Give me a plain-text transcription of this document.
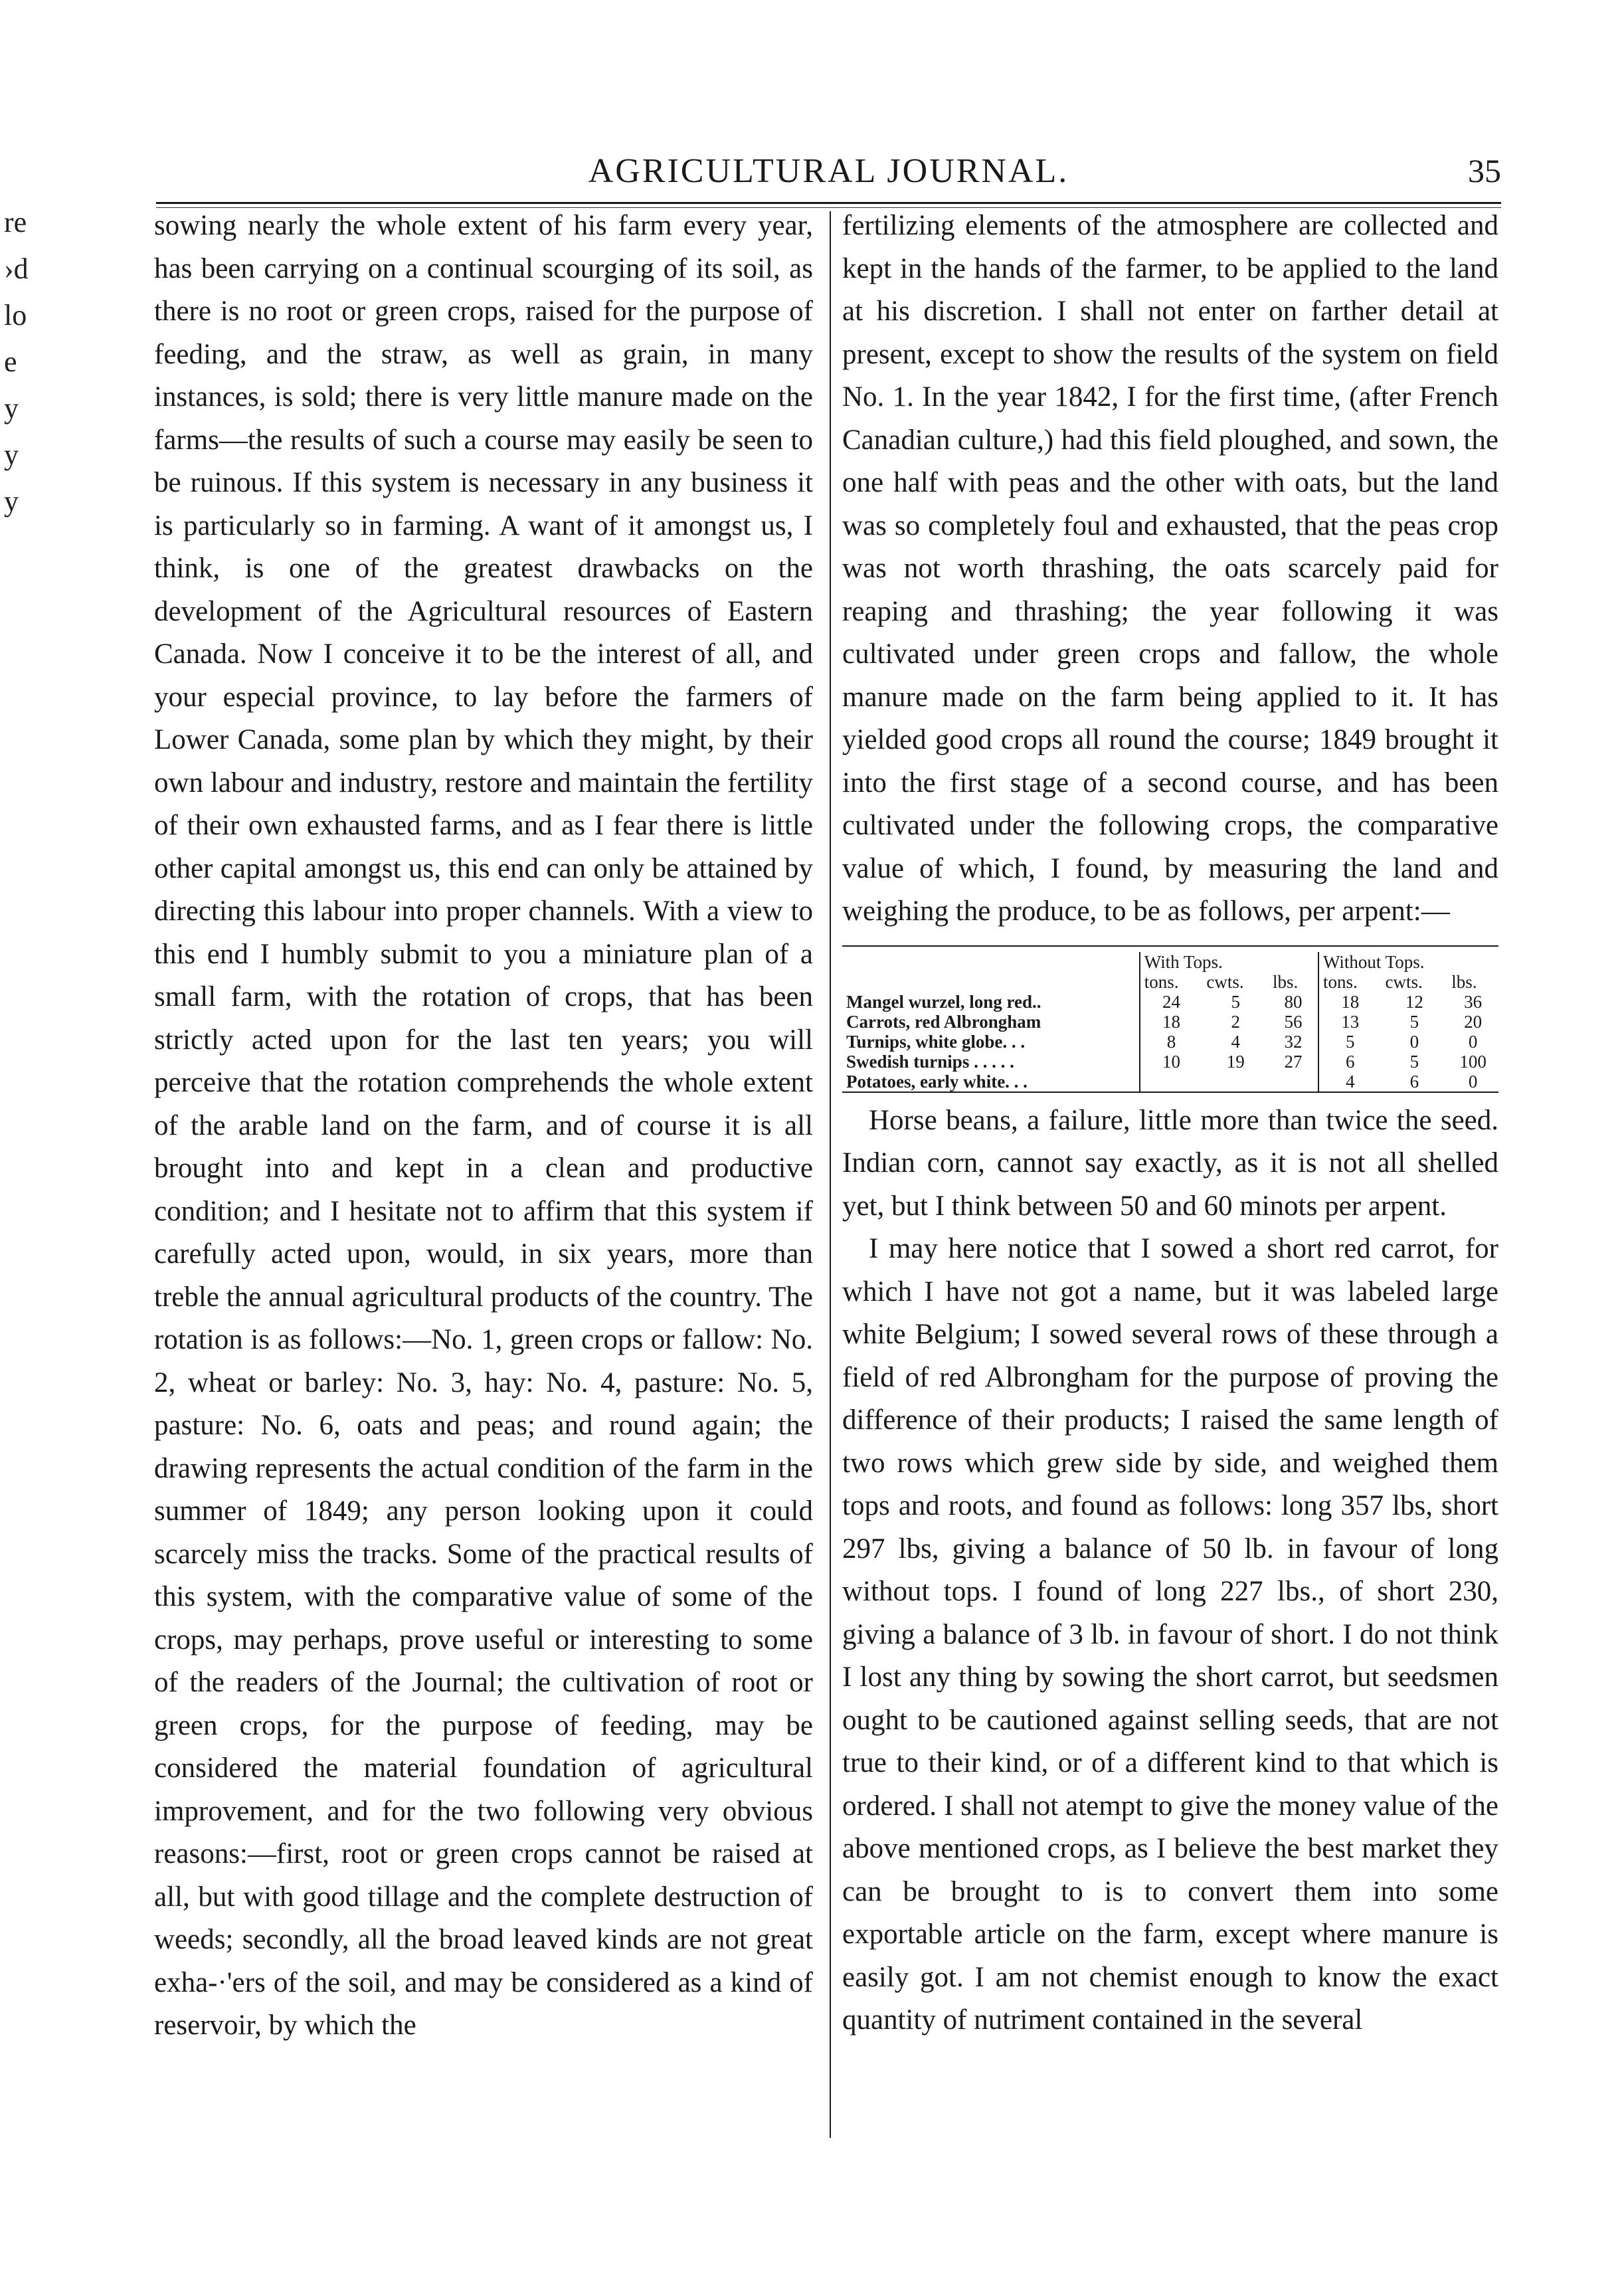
AGRICULTURAL JOURNAL.	35
re
›d
lo
e
y
y
y

sowing nearly the whole extent of his farm every year, has been carrying on a continual scourging of its soil, as there is no root or green crops, raised for the purpose of feeding, and the straw, as well as grain, in many instances, is sold; there is very little manure made on the farms—the results of such a course may easily be seen to be ruinous. If this system is necessary in any business it is particularly so in farming. A want of it amongst us, I think, is one of the greatest drawbacks on the development of the Agricultural resources of Eastern Canada. Now I conceive it to be the interest of all, and your especial province, to lay before the farmers of Lower Canada, some plan by which they might, by their own labour and industry, restore and maintain the fertility of their own exhausted farms, and as I fear there is little other capital amongst us, this end can only be attained by directing this labour into proper channels. With a view to this end I humbly submit to you a miniature plan of a small farm, with the rotation of crops, that has been strictly acted upon for the last ten years; you will perceive that the rotation comprehends the whole extent of the arable land on the farm, and of course it is all brought into and kept in a clean and productive condition; and I hesitate not to affirm that this system if carefully acted upon, would, in six years, more than treble the annual agricultural products of the country. The rotation is as follows:—No. 1, green crops or fallow: No. 2, wheat or barley: No. 3, hay: No. 4, pasture: No. 5, pasture: No. 6, oats and peas; and round again; the drawing represents the actual condition of the farm in the summer of 1849; any person looking upon it could scarcely miss the tracks. Some of the practical results of this system, with the comparative value of some of the crops, may perhaps, prove useful or interesting to some of the readers of the Journal; the cultivation of root or green crops, for the purpose of feeding, may be considered the material foundation of agricultural improvement, and for the two following very obvious reasons:—first, root or green crops cannot be raised at all, but with good tillage and the complete destruction of weeds; secondly, all the broad leaved kinds are not great exha-·'ers of the soil, and may be considered as a kind of reservoir, by which the

fertilizing elements of the atmosphere are collected and kept in the hands of the farmer, to be applied to the land at his discretion. I shall not enter on farther detail at present, except to show the results of the system on field No. 1. In the year 1842, I for the first time, (after French Canadian culture,) had this field ploughed, and sown, the one half with peas and the other with oats, but the land was so completely foul and exhausted, that the peas crop was not worth thrashing, the oats scarcely paid for reaping and thrashing; the year following it was cultivated under green crops and fallow, the whole manure made on the farm being applied to it. It has yielded good crops all round the course; 1849 brought it into the first stage of a second course, and has been cultivated under the following crops, the comparative value of which, I found, by measuring the land and weighing the produce, to be as follows, per arpent:—

	With Tops.			Without Tops.		
	tons.	cwts.	lbs.	tons.	cwts.	lbs.
Mangel wurzel, long red..	24	5	80	18	12	36
Carrots, red Albrongham	18	2	56	13	5	20
Turnips, white globe. . .	8	4	32	5	0	0
Swedish turnips . . . . .	10	19	27	6	5	100
Potatoes, early white. . .				4	6	0

Horse beans, a failure, little more than twice the seed. Indian corn, cannot say exactly, as it is not all shelled yet, but I think between 50 and 60 minots per arpent.

I may here notice that I sowed a short red carrot, for which I have not got a name, but it was labeled large white Belgium; I sowed several rows of these through a field of red Albrongham for the purpose of proving the difference of their products; I raised the same length of two rows which grew side by side, and weighed them tops and roots, and found as follows: long 357 lbs, short 297 lbs, giving a balance of 50 lb. in favour of long without tops. I found of long 227 lbs., of short 230, giving a balance of 3 lb. in favour of short. I do not think I lost any thing by sowing the short carrot, but seedsmen ought to be cautioned against selling seeds, that are not true to their kind, or of a different kind to that which is ordered. I shall not atempt to give the money value of the above mentioned crops, as I believe the best market they can be brought to is to convert them into some exportable article on the farm, except where manure is easily got. I am not chemist enough to know the exact quantity of nutriment contained in the several
